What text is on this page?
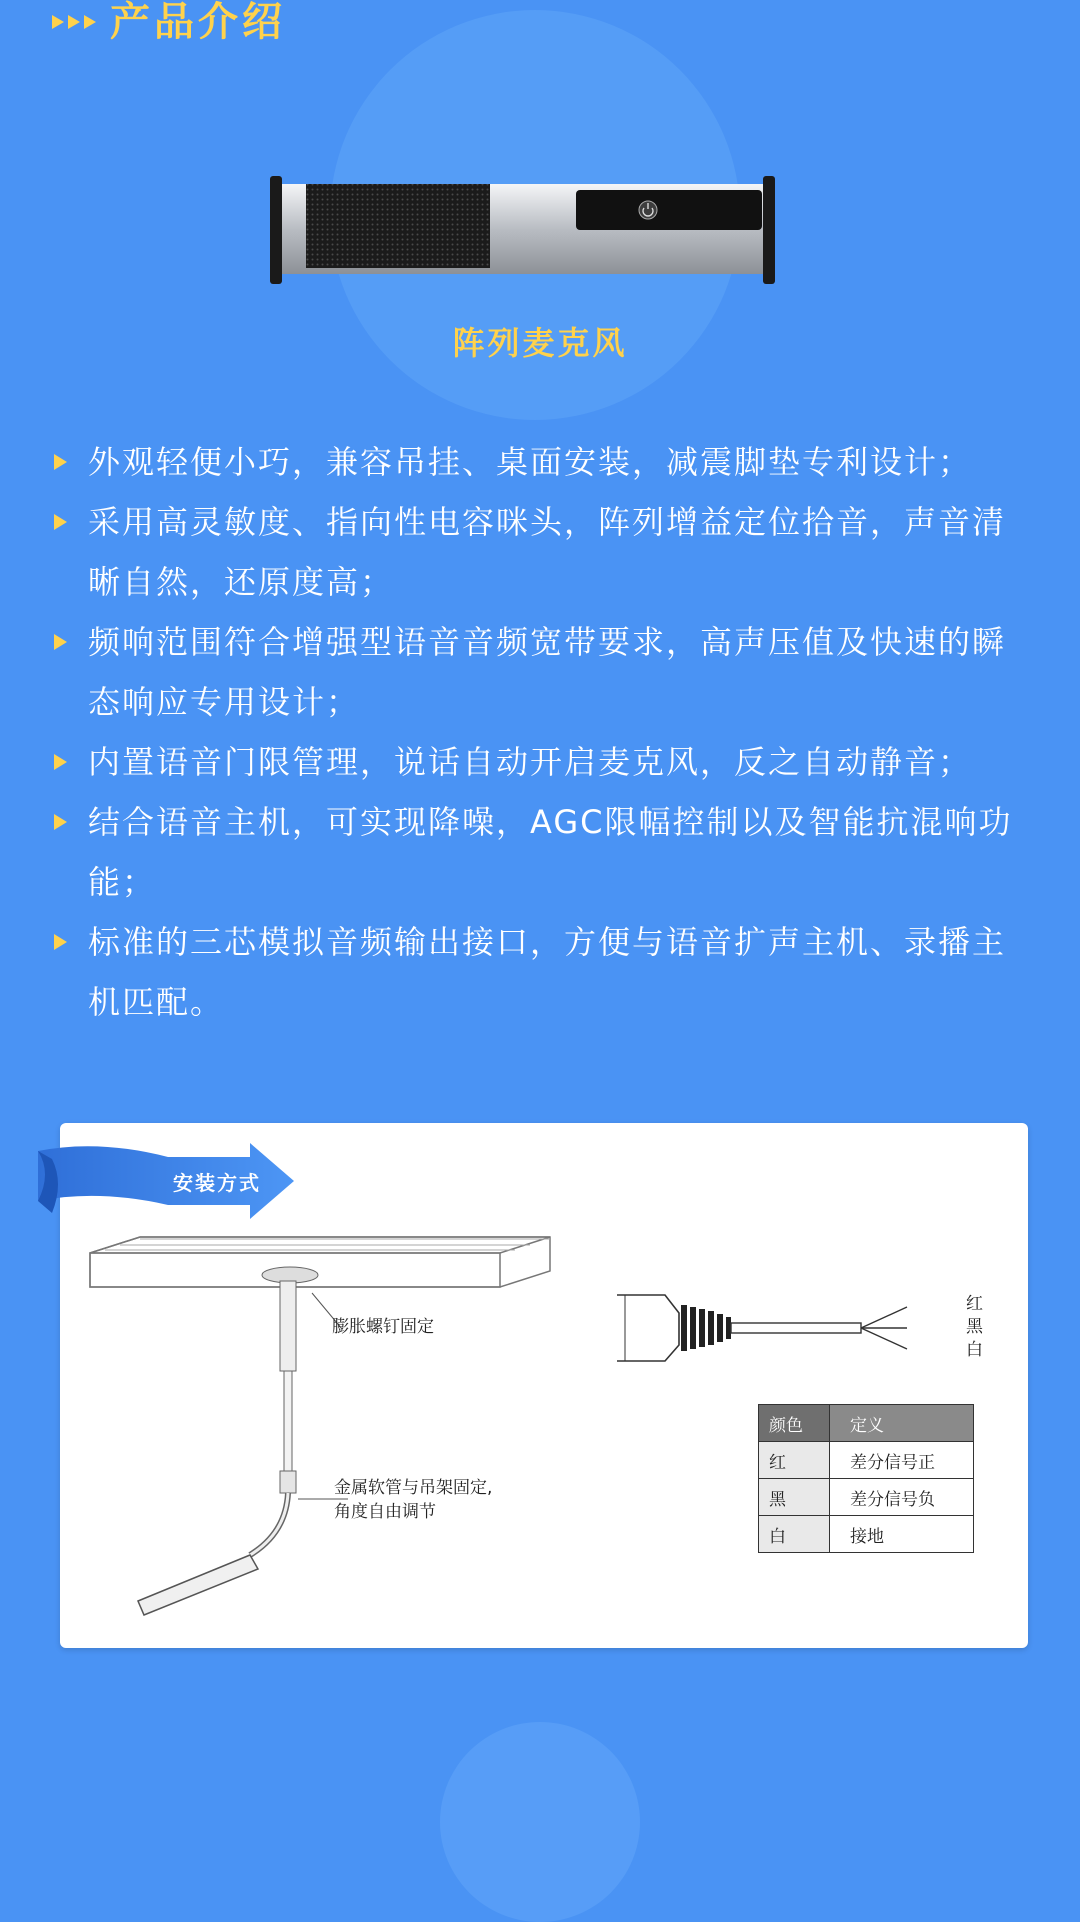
产品介绍
阵列麦克风
外观轻便小巧，兼容吊挂、桌面安装，减震脚垫专利设计；
采用高灵敏度、指向性电容咪头，阵列增益定位拾音，声音清晰自然，还原度高；
频响范围符合增强型语音音频宽带要求，高声压值及快速的瞬态响应专用设计；
内置语音门限管理，说话自动开启麦克风，反之自动静音；
结合语音主机，可实现降噪，AGC限幅控制以及智能抗混响功能；
标准的三芯模拟音频输出接口，方便与语音扩声主机、录播主机匹配。
安装方式
膨胀螺钉固定
金属软管与吊架固定,
角度自由调节
红
黑
白
颜色	定义
红	差分信号正
黑	差分信号负
白	接地
